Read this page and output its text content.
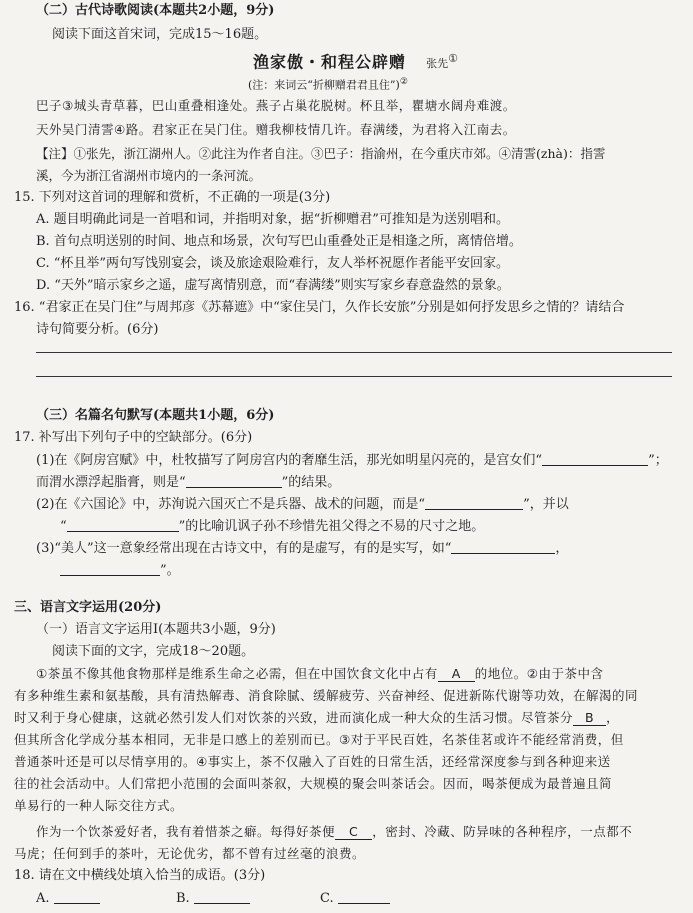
（二）古代诗歌阅读(本题共2小题，9分)
阅读下面这首宋词，完成15～16题。
渔家傲・和程公辟赠 张先①
(注：来词云“折柳赠君君且住”)②
巴子③城头青草暮，巴山重叠相逢处。燕子占巢花脱树。杯且举，瞿塘水阔舟难渡。
天外吴门清霅④路。君家正在吴门住。赠我柳枝情几许。春满缕，为君将入江南去。
【注】①张先，浙江湖州人。②此注为作者自注。③巴子：指渝州，在今重庆市郊。④清霅(zhà)：指霅
溪，今为浙江省湖州市境内的一条河流。
15. 下列对这首词的理解和赏析，不正确的一项是(3分)
A. 题目明确此词是一首唱和词，并指明对象，据“折柳赠君”可推知是为送别唱和。
B. 首句点明送别的时间、地点和场景，次句写巴山重叠处正是相逢之所，离情倍增。
C. “杯且举”两句写饯别宴会，谈及旅途艰险难行，友人举杯祝愿作者能平安回家。
D. “天外”暗示家乡之遥，虚写离情别意，而“春满缕”则实写家乡春意盎然的景象。
16. “君家正在吴门住”与周邦彦《苏幕遮》中“家住吴门，久作长安旅”分别是如何抒发思乡之情的？请结合
诗句简要分析。(6分)
（三）名篇名句默写(本题共1小题，6分)
17. 补写出下列句子中的空缺部分。(6分)
(1)在《阿房宫赋》中，杜牧描写了阿房宫内的奢靡生活，那光如明星闪亮的，是宫女们“	”；
而渭水漂浮起脂膏，则是“	”的结果。
(2)在《六国论》中，苏洵说六国灭亡不是兵器、战术的问题，而是“	”，并以
“	”的比喻讥讽子孙不珍惜先祖父得之不易的尺寸之地。
(3)“美人”这一意象经常出现在古诗文中，有的是虚写，有的是实写，如“	，
”。
三、语言文字运用(20分)
（一）语言文字运用Ⅰ(本题共3小题，9分)
阅读下面的文字，完成18～20题。
①茶虽不像其他食物那样是维系生命之必需，但在中国饮食文化中占有 A 的地位。②由于茶中含
有多种维生素和氨基酸，具有清热解毒、消食除腻、缓解疲劳、兴奋神经、促进新陈代谢等功效，在解渴的同
时又利于身心健康，这就必然引发人们对饮茶的兴致，进而演化成一种大众的生活习惯。尽管茶分 B ，
但其所含化学成分基本相同，无非是口感上的差别而已。③对于平民百姓，名茶佳茗或许不能经常消费，但
普通茶叶还是可以尽情享用的。④事实上，茶不仅融入了百姓的日常生活，还经常深度参与到各种迎来送
往的社会活动中。人们常把小范围的会面叫茶叙，大规模的聚会叫茶话会。因而，喝茶便成为最普遍且简
单易行的一种人际交往方式。
作为一个饮茶爱好者，我有着惜茶之癖。每得好茶便 C ，密封、冷藏、防异味的各种程序，一点都不
马虎；任何到手的茶叶，无论优劣，都不曾有过丝毫的浪费。
18. 请在文中横线处填入恰当的成语。(3分)
A.	B.	C.
